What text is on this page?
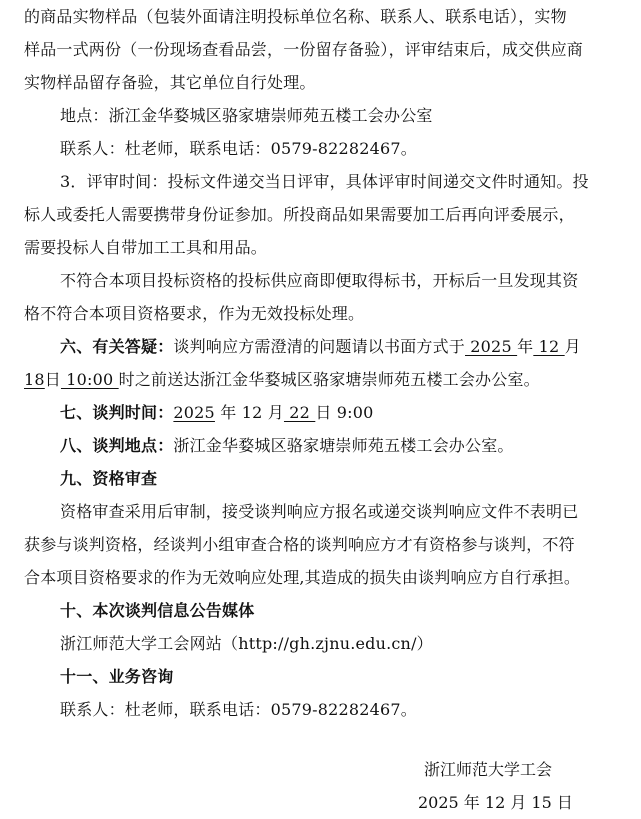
的商品实物样品（包装外面请注明投标单位名称、联系人、联系电话），实物
样品一式两份（一份现场查看品尝，一份留存备验），评审结束后，成交供应商
实物样品留存备验，其它单位自行处理。
地点：浙江金华婺城区骆家塘崇师苑五楼工会办公室
联系人：杜老师，联系电话：0579-82282467。
3．评审时间：投标文件递交当日评审，具体评审时间递交文件时通知。投
标人或委托人需要携带身份证参加。所投商品如果需要加工后再向评委展示，
需要投标人自带加工工具和用品。
不符合本项目投标资格的投标供应商即便取得标书，开标后一旦发现其资
格不符合本项目资格要求，作为无效投标处理。
六、有关答疑：谈判响应方需澄清的问题请以书面方式于 2025 年 12 月
18日 10:00 时之前送达浙江金华婺城区骆家塘崇师苑五楼工会办公室。
七、谈判时间：2025 年 12 月 22 日 9:00
八、谈判地点：浙江金华婺城区骆家塘崇师苑五楼工会办公室。
九、资格审查
资格审查采用后审制，接受谈判响应方报名或递交谈判响应文件不表明已
获参与谈判资格，经谈判小组审查合格的谈判响应方才有资格参与谈判，不符
合本项目资格要求的作为无效响应处理,其造成的损失由谈判响应方自行承担。
十、本次谈判信息公告媒体
浙江师范大学工会网站（http://gh.zjnu.edu.cn/）
十一、业务咨询
联系人：杜老师，联系电话：0579-82282467。
浙江师范大学工会
2025 年 12 月 15 日
